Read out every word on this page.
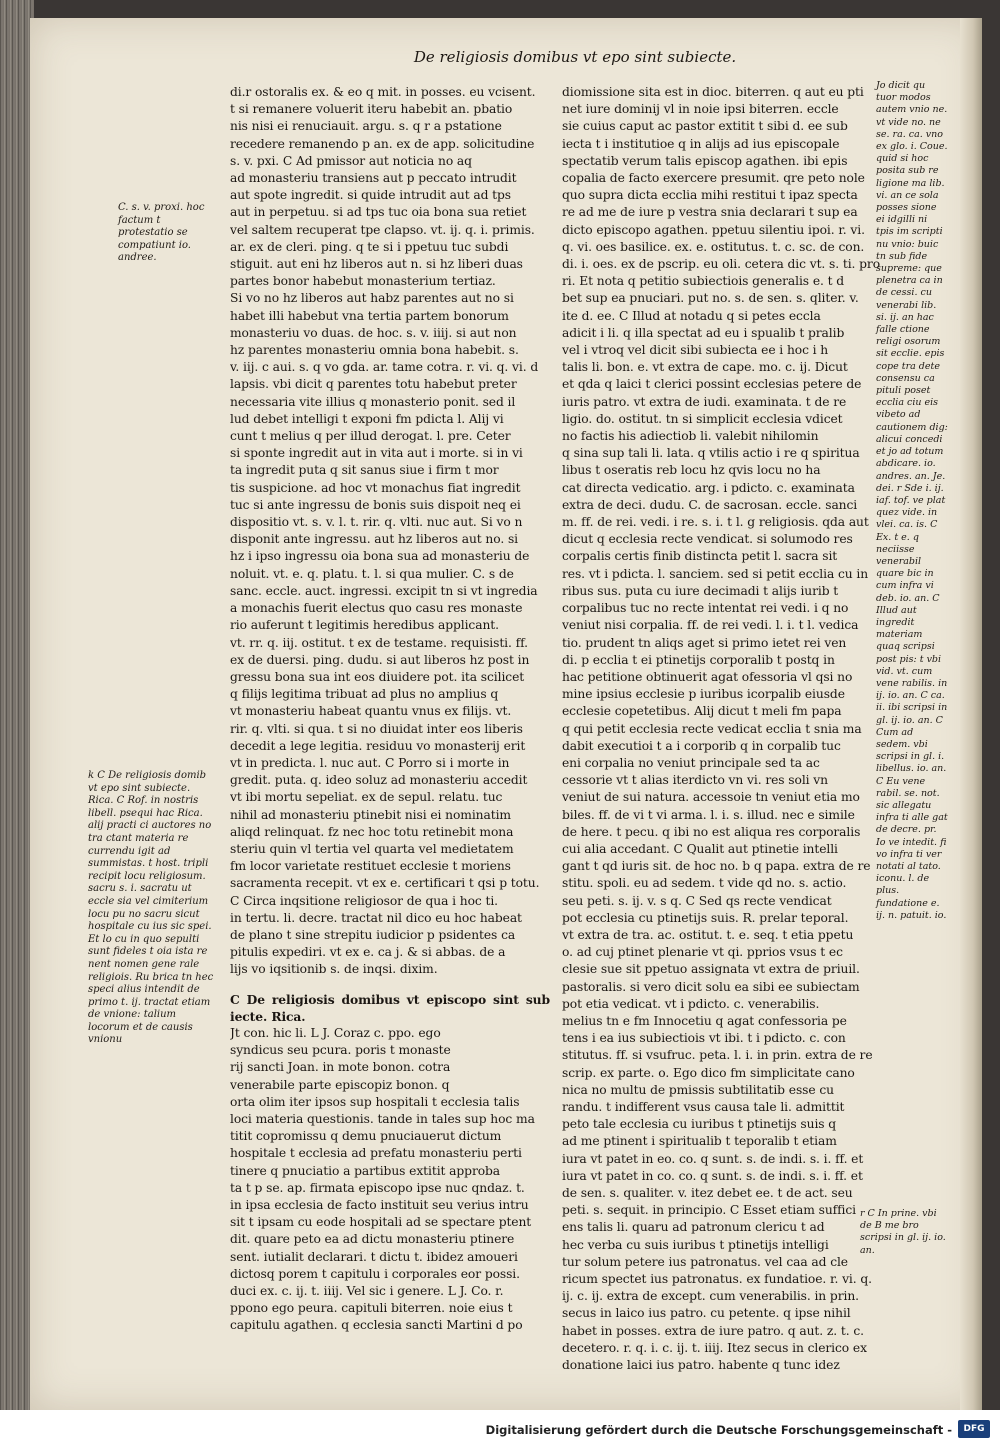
De religiosis domibus vt epo sint subiecte.

C. s. v. proxi. hoc factum t protestatio se compatiunt io. andree.

k C De religiosis domib vt epo sint subiecte. Rica. C Rof. in nostris libell. psequi hac Rica. alij practi ci auctores no tra ctant materia re currendu igit ad summistas. t host. tripli recipit locu religiosum. sacru s. i. sacratu ut eccle sia vel cimiterium locu pu no sacru sicut hospitale cu ius sic spei. Et lo cu in quo sepulti sunt fideles t oia ista re nent nomen gene rale religiois. Ru brica tn hec speci alius intendit de primo t. ij. tractat etiam de vnione: talium locorum et de causis vnionu

di.r ostoralis ex. & eo q mit. in posses. eu vcisent.

t si remanere voluerit iteru habebit an. pbatio

nis nisi ei renuciauit. argu. s. q r a pstatione

recedere remanendo p an. ex de app. solicitudine

s. v. pxi. C Ad pmissor aut noticia no aq

ad monasteriu transiens aut p peccato intrudit

aut spote ingredit. si quide intrudit aut ad tps

aut in perpetuu. si ad tps tuc oia bona sua retiet

vel saltem recuperat tpe clapso. vt. ij. q. i. primis.

ar. ex de cleri. ping. q te si i ppetuu tuc subdi

stiguit. aut eni hz liberos aut n. si hz liberi duas

partes bonor habebut monasterium tertiaz.

Si vo no hz liberos aut habz parentes aut no si

habet illi habebut vna tertia partem bonorum

monasteriu vo duas. de hoc. s. v. iiij. si aut non

hz parentes monasteriu omnia bona habebit. s.

v. iij. c aui. s. q vo gda. ar. tame cotra. r. vi. q. vi. d

lapsis. vbi dicit q parentes totu habebut preter

necessaria vite illius q monasterio ponit. sed il

lud debet intelligi t exponi fm pdicta l. Alij vi

cunt t melius q per illud derogat. l. pre. Ceter

si sponte ingredit aut in vita aut i morte. si in vi

ta ingredit puta q sit sanus siue i firm t mor

tis suspicione. ad hoc vt monachus fiat ingredit

tuc si ante ingressu de bonis suis dispoit neq ei

dispositio vt. s. v. l. t. rir. q. vlti. nuc aut. Si vo n

disponit ante ingressu. aut hz liberos aut no. si

hz i ipso ingressu oia bona sua ad monasteriu de

noluit. vt. e. q. platu. t. l. si qua mulier. C. s de

sanc. eccle. auct. ingressi. excipit tn si vt ingredia

a monachis fuerit electus quo casu res monaste

rio auferunt t legitimis heredibus applicant.

vt. rr. q. iij. ostitut. t ex de testame. requisisti. ff.

ex de duersi. ping. dudu. si aut liberos hz post in

gressu bona sua int eos diuidere pot. ita scilicet

q filijs legitima tribuat ad plus no amplius q

vt monasteriu habeat quantu vnus ex filijs. vt.

rir. q. vlti. si qua. t si no diuidat inter eos liberis

decedit a lege legitia. residuu vo monasterij erit

vt in predicta. l. nuc aut. C Porro si i morte in

gredit. puta. q. ideo soluz ad monasteriu accedit

vt ibi mortu sepeliat. ex de sepul. relatu. tuc

nihil ad monasteriu ptinebit nisi ei nominatim

aliqd relinquat. fz nec hoc totu retinebit mona

steriu quin vl tertia vel quarta vel medietatem

fm locor varietate restituet ecclesie t moriens

sacramenta recepit. vt ex e. certificari t qsi p totu.

C Circa inqsitione religiosor de qua i hoc ti.

in tertu. li. decre. tractat nil dico eu hoc habeat

de plano t sine strepitu iudicior p psidentes ca

pitulis expediri. vt ex e. ca j. & si abbas. de a

lijs vo iqsitionib s. de inqsi. dixim.

C De religiosis domibus vt episcopo sint sub iecte. Rica.

Jt con. hic li. L J. Coraz c. ppo. ego

syndicus seu pcura. poris t monaste

rij sancti Joan. in mote bonon. cotra

venerabile parte episcopiz bonon. q

orta olim iter ipsos sup hospitali t ecclesia talis

loci materia questionis. tande in tales sup hoc ma

titit copromissu q demu pnuciauerut dictum

hospitale t ecclesia ad prefatu monasteriu perti

tinere q pnuciatio a partibus extitit approba

ta t p se. ap. firmata episcopo ipse nuc qndaz. t.

in ipsa ecclesia de facto instituit seu verius intru

sit t ipsam cu eode hospitali ad se spectare ptent

dit. quare peto ea ad dictu monasteriu ptinere

sent. iutialit declarari. t dictu t. ibidez amoueri

dictosq porem t capitulu i corporales eor possi.

duci ex. c. ij. t. iiij. Vel sic i genere. L J. Co. r.

ppono ego peura. capituli biterren. noie eius t

capitulu agathen. q ecclesia sancti Martini d po

diomissione sita est in dioc. biterren. q aut eu pti

net iure dominij vl in noie ipsi biterren. eccle

sie cuius caput ac pastor extitit t sibi d. ee sub

iecta t i institutioe q in alijs ad ius episcopale

spectatib verum talis episcop agathen. ibi epis

copalia de facto exercere presumit. qre peto nole

quo supra dicta ecclia mihi restitui t ipaz specta

re ad me de iure p vestra snia declarari t sup ea

dicto episcopo agathen. ppetuu silentiu ipoi. r. vi.

q. vi. oes basilice. ex. e. ostitutus. t. c. sc. de con.

di. i. oes. ex de pscrip. eu oli. cetera dic vt. s. ti. pro

ri. Et nota q petitio subiectiois generalis e. t d

bet sup ea pnuciari. put no. s. de sen. s. qliter. v.

ite d. ee. C Illud at notadu q si petes eccla

adicit i li. q illa spectat ad eu i spualib t pralib

vel i vtroq vel dicit sibi subiecta ee i hoc i h

talis li. bon. e. vt extra de cape. mo. c. ij. Dicut

et qda q laici t clerici possint ecclesias petere de

iuris patro. vt extra de iudi. examinata. t de re

ligio. do. ostitut. tn si simplicit ecclesia vdicet

no factis his adiectiob li. valebit nihilomin

q sina sup tali li. lata. q vtilis actio i re q spiritua

libus t oseratis reb locu hz qvis locu no ha

cat directa vedicatio. arg. i pdicto. c. examinata

extra de deci. dudu. C. de sacrosan. eccle. sanci

m. ff. de rei. vedi. i re. s. i. t l. g religiosis. qda aut

dicut q ecclesia recte vendicat. si solumodo res

corpalis certis finib distincta petit l. sacra sit

res. vt i pdicta. l. sanciem. sed si petit ecclia cu in

ribus sus. puta cu iure decimadi t alijs iurib t

corpalibus tuc no recte intentat rei vedi. i q no

veniut nisi corpalia. ff. de rei vedi. l. i. t l. vedica

tio. prudent tn aliqs aget si primo ietet rei ven

di. p ecclia t ei ptinetijs corporalib t postq in

hac petitione obtinuerit agat ofessoria vl qsi no

mine ipsius ecclesie p iuribus icorpalib eiusde

ecclesie copetetibus. Alij dicut t meli fm papa

q qui petit ecclesia recte vedicat ecclia t snia ma

dabit executioi t a i corporib q in corpalib tuc

eni corpalia no veniut principale sed ta ac

cessorie vt t alias iterdicto vn vi. res soli vn

veniut de sui natura. accessoie tn veniut etia mo

biles. ff. de vi t vi arma. l. i. s. illud. nec e simile

de here. t pecu. q ibi no est aliqua res corporalis

cui alia accedant. C Qualit aut ptinetie intelli

gant t qd iuris sit. de hoc no. b q papa. extra de re

stitu. spoli. eu ad sedem. t vide qd no. s. actio.

seu peti. s. ij. v. s q. C Sed qs recte vendicat

pot ecclesia cu ptinetijs suis. R. prelar teporal.

vt extra de tra. ac. ostitut. t. e. seq. t etia ppetu

o. ad cuj ptinet plenarie vt qi. pprios vsus t ec

clesie sue sit ppetuo assignata vt extra de priuil.

pastoralis. si vero dicit solu ea sibi ee subiectam

pot etia vedicat. vt i pdicto. c. venerabilis.

melius tn e fm Innocetiu q agat confessoria pe

tens i ea ius subiectiois vt ibi. t i pdicto. c. con

stitutus. ff. si vsufruc. peta. l. i. in prin. extra de re

scrip. ex parte. o. Ego dico fm simplicitate cano

nica no multu de pmissis subtilitatib esse cu

randu. t indifferent vsus causa tale li. admittit

peto tale ecclesia cu iuribus t ptinetijs suis q

ad me ptinent i spiritualib t teporalib t etiam

iura vt patet in eo. co. q sunt. s. de indi. s. i. ff. et

iura vt patet in co. co. q sunt. s. de indi. s. i. ff. et

de sen. s. qualiter. v. itez debet ee. t de act. seu

peti. s. sequit. in principio. C Esset etiam suffici

ens talis li. quaru ad patronum clericu t ad

hec verba cu suis iuribus t ptinetijs intelligi

tur solum petere ius patronatus. vel caa ad cle

ricum spectet ius patronatus. ex fundatioe. r. vi. q.

ij. c. ij. extra de except. cum venerabilis. in prin.

secus in laico ius patro. cu petente. q ipse nihil

habet in posses. extra de iure patro. q aut. z. t. c.

decetero. r. q. i. c. ij. t. iiij. Itez secus in clerico ex

donatione laici ius patro. habente q tunc idez

Jo dicit qu tuor modos autem vnio ne. vt vide no. ne se. ra. ca. vno ex glo. i. Coue. quid si hoc posita sub re ligione ma lib. vi. an ce sola posses sione ei idgilli ni tpis im scripti nu vnio: buic tn sub fide supreme: que plenetra ca in de cessi. cu venerabi lib. si. ij. an hac falle ctione religi osorum sit ecclie. epis cope tra dete consensu ca pituli poset ecclia ciu eis vibeto ad cautionem dig: alicui concedi et jo ad totum abdicare. io. andres. an. Je. dei. r Sde i. ij. iaf. tof. ve plat quez vide. in vlei. ca. is. C Ex. t e. q neciisse venerabil quare bic in cum infra vi deb. io. an. C Illud aut ingredit materiam quaq scripsi post pis: t vbi vid. vt. cum vene rabilis. in ij. io. an. C ca. ii. ibi scripsi in gl. ij. io. an. C Cum ad sedem. vbi scripsi in gl. i. libellus. io. an. C Eu vene rabil. se. not. sic allegatu infra ti alle gat de decre. pr. Io ve intedit. fi vo infra ti ver notati al tato. iconu. l. de plus. fundatione e. ij. n. patuit. io.

r C In prine. vbi de B me bro scripsi in gl. ij. io. an.

Digitalisierung gefördert durch die Deutsche Forschungsgemeinschaft -	DFG
